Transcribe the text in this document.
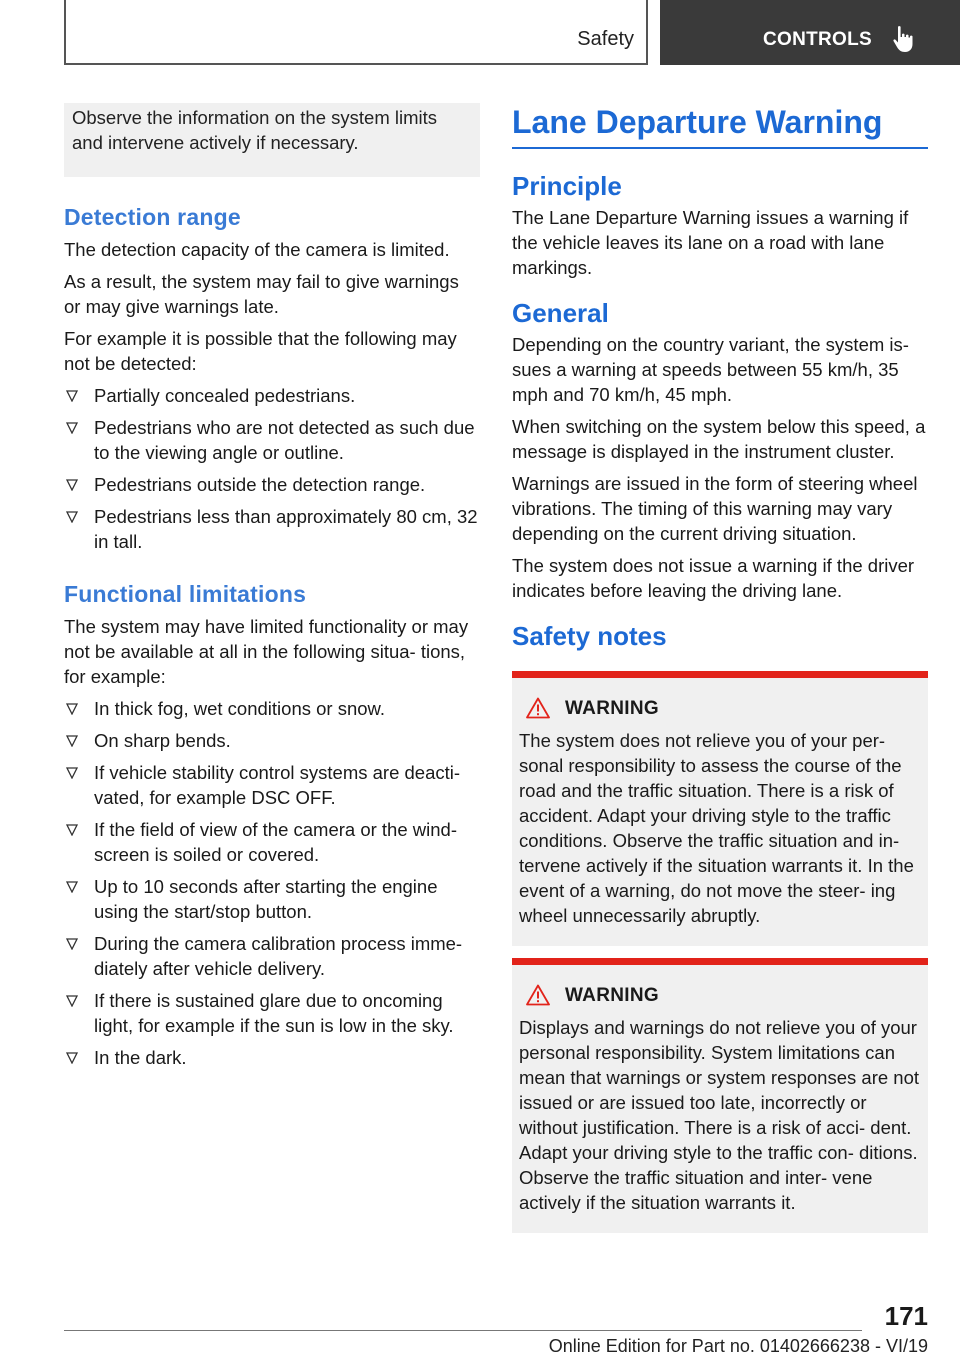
Safety	CONTROLS
Observe the information on the system limits and intervene actively if necessary.
Detection range

The detection capacity of the camera is limited.

As a result, the system may fail to give warnings or may give warnings late.

For example it is possible that the following may not be detected:

Partially concealed pedestrians.
Pedestrians who are not detected as such due to the viewing angle or outline.
Pedestrians outside the detection range.
Pedestrians less than approximately 80 cm, 32 in tall.
Functional limitations

The system may have limited functionality or may not be available at all in the following situa‐ tions, for example:

In thick fog, wet conditions or snow.
On sharp bends.
If vehicle stability control systems are deacti‐ vated, for example DSC OFF.
If the field of view of the camera or the wind‐ screen is soiled or covered.
Up to 10 seconds after starting the engine using the start/stop button.
During the camera calibration process imme‐ diately after vehicle delivery.
If there is sustained glare due to oncoming light, for example if the sun is low in the sky.
In the dark.
Lane Departure Warning
Principle

The Lane Departure Warning issues a warning if the vehicle leaves its lane on a road with lane markings.

General

Depending on the country variant, the system is‐ sues a warning at speeds between 55 km/h, 35 mph and 70 km/h, 45 mph.

When switching on the system below this speed, a message is displayed in the instrument cluster.

Warnings are issued in the form of steering wheel vibrations. The timing of this warning may vary depending on the current driving situation.

The system does not issue a warning if the driver indicates before leaving the driving lane.

Safety notes
WARNING

The system does not relieve you of your per‐ sonal responsibility to assess the course of the road and the traffic situation. There is a risk of accident. Adapt your driving style to the traffic conditions. Observe the traffic situation and in‐ tervene actively if the situation warrants it. In the event of a warning, do not move the steer‐ ing wheel unnecessarily abruptly.

WARNING

Displays and warnings do not relieve you of your personal responsibility. System limitations can mean that warnings or system responses are not issued or are issued too late, incorrectly or without justification. There is a risk of acci‐ dent. Adapt your driving style to the traffic con‐ ditions. Observe the traffic situation and inter‐ vene actively if the situation warrants it.

171
Online Edition for Part no. 01402666238 - VI/19
